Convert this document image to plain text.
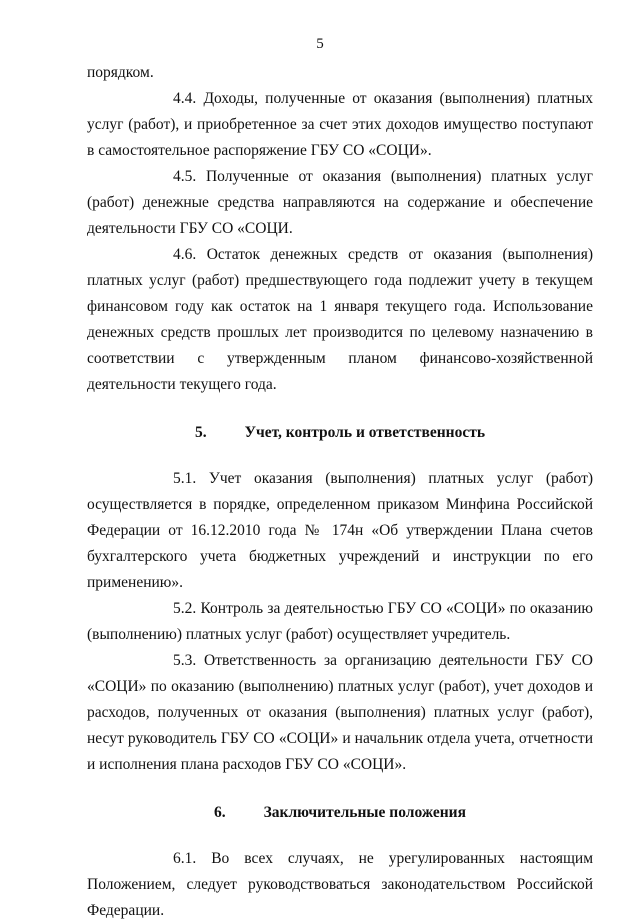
5

порядком.

4.4. Доходы, полученные от оказания (выполнения) платных услуг (работ), и приобретенное за счет этих доходов имущество поступают в самостоятельное распоряжение ГБУ СО «СОЦИ».

4.5. Полученные от оказания (выполнения) платных услуг (работ) денежные средства направляются на содержание и обеспечение деятельности ГБУ СО «СОЦИ.

4.6. Остаток денежных средств от оказания (выполнения) платных услуг (работ) предшествующего года подлежит учету в текущем финансовом году как остаток на 1 января текущего года. Использование денежных средств прошлых лет производится по целевому назначению в соответствии с утвержденным планом финансово-хозяйственной деятельности текущего года.

5. Учет, контроль и ответственность

5.1. Учет оказания (выполнения) платных услуг (работ) осуществляется в порядке, определенном приказом Минфина Российской Федерации от 16.12.2010 года № 174н «Об утверждении Плана счетов бухгалтерского учета бюджетных учреждений и инструкции по его применению».

5.2. Контроль за деятельностью ГБУ СО «СОЦИ» по оказанию (выполнению) платных услуг (работ) осуществляет учредитель.

5.3. Ответственность за организацию деятельности ГБУ СО «СОЦИ» по оказанию (выполнению) платных услуг (работ), учет доходов и расходов, полученных от оказания (выполнения) платных услуг (работ), несут руководитель ГБУ СО «СОЦИ» и начальник отдела учета, отчетности и исполнения плана расходов ГБУ СО «СОЦИ».

6. Заключительные положения

6.1. Во всех случаях, не урегулированных настоящим Положением, следует руководствоваться законодательством Российской Федерации.
